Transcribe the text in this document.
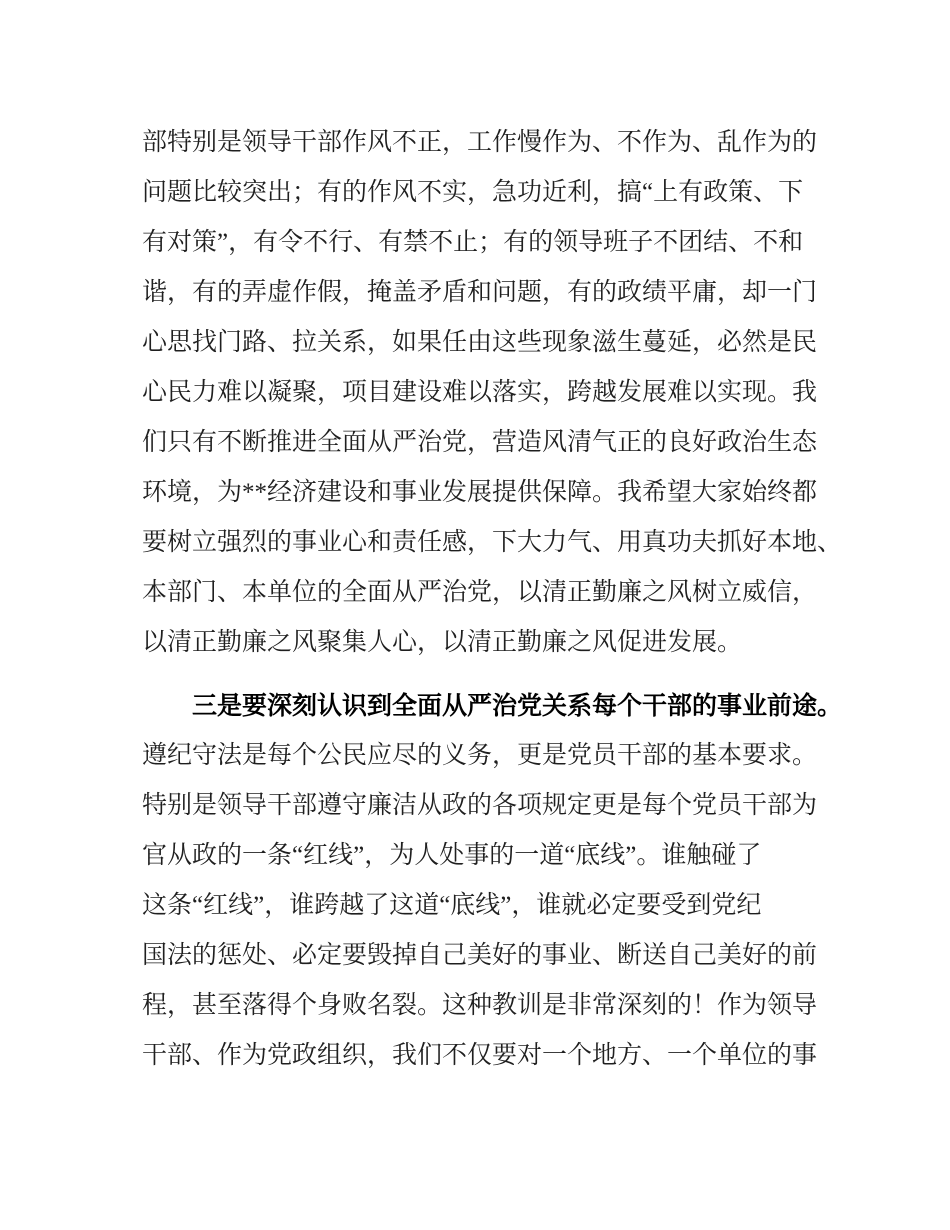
部特别是领导干部作风不正，工作慢作为、不作为、乱作为的
问题比较突出；有的作风不实，急功近利，搞“上有政策、下
有对策”，有令不行、有禁不止；有的领导班子不团结、不和
谐，有的弄虚作假，掩盖矛盾和问题，有的政绩平庸，却一门
心思找门路、拉关系，如果任由这些现象滋生蔓延，必然是民
心民力难以凝聚，项目建设难以落实，跨越发展难以实现。我
们只有不断推进全面从严治党，营造风清气正的良好政治生态
环境，为**经济建设和事业发展提供保障。我希望大家始终都
要树立强烈的事业心和责任感，下大力气、用真功夫抓好本地、
本部门、本单位的全面从严治党，以清正勤廉之风树立威信，
以清正勤廉之风聚集人心，以清正勤廉之风促进发展。
三是要深刻认识到全面从严治党关系每个干部的事业前途。
遵纪守法是每个公民应尽的义务，更是党员干部的基本要求。
特别是领导干部遵守廉洁从政的各项规定更是每个党员干部为
官从政的一条“红线”，为人处事的一道“底线”。谁触碰了
这条“红线”，谁跨越了这道“底线”，谁就必定要受到党纪
国法的惩处、必定要毁掉自己美好的事业、断送自己美好的前
程，甚至落得个身败名裂。这种教训是非常深刻的！作为领导
干部、作为党政组织，我们不仅要对一个地方、一个单位的事
